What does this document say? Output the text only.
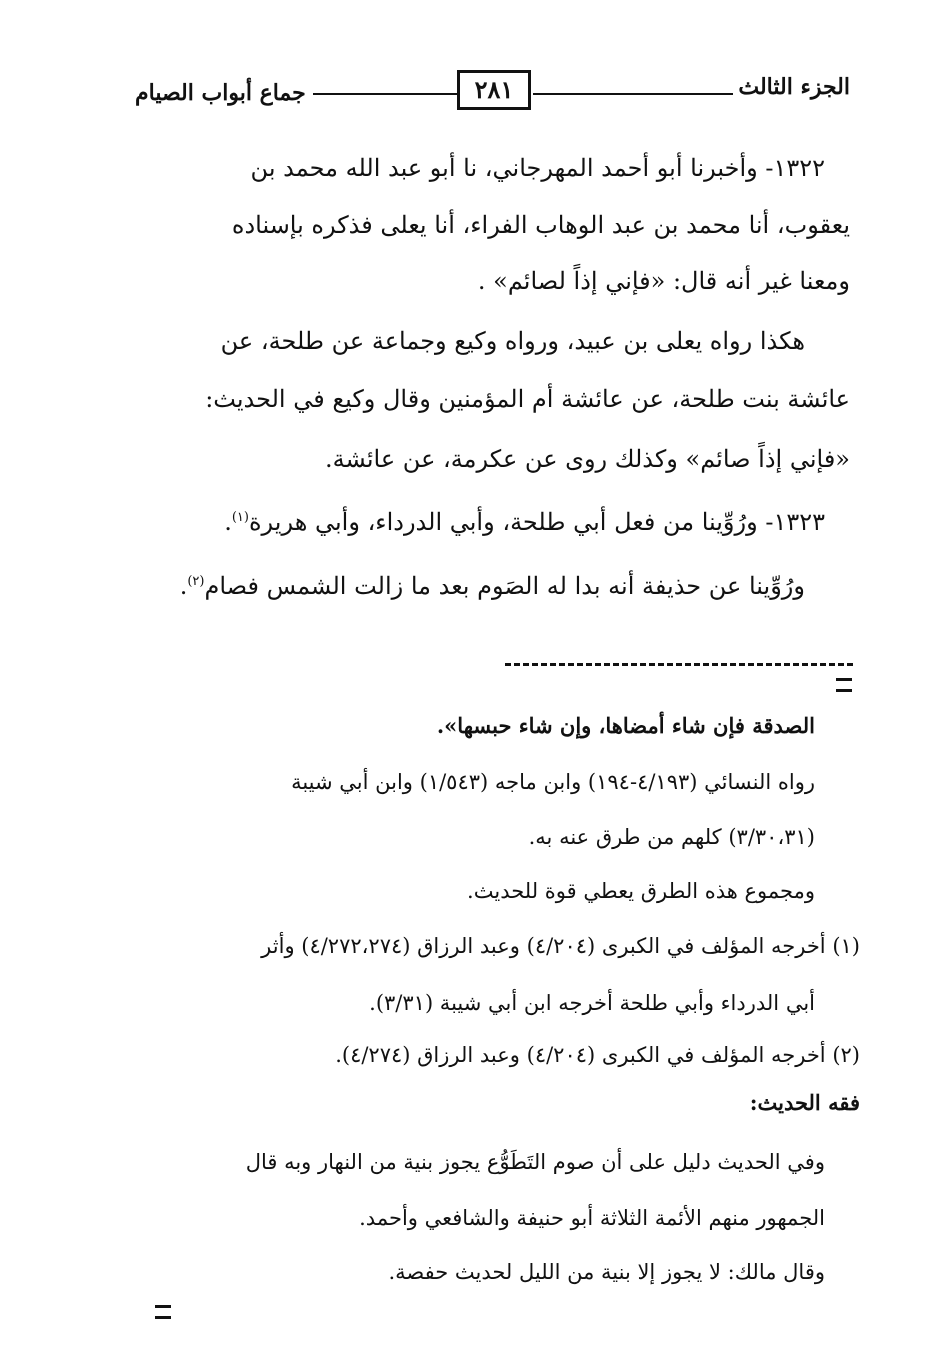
الجزء الثالث
٢٨١
جماع أبواب الصيام
١٣٢٢- وأخبرنا أبو أحمد المهرجاني، نا أبو عبد الله محمد بن
يعقوب، أنا محمد بن عبد الوهاب الفراء، أنا يعلى فذكره بإسناده
ومعنا غير أنه قال: «فإني إذاً لصائم» .
هكذا رواه يعلى بن عبيد، ورواه وكيع وجماعة عن طلحة، عن
عائشة بنت طلحة، عن عائشة أم المؤمنين وقال وكيع في الحديث:
«فإني إذاً صائم» وكذلك روى عن عكرمة، عن عائشة.
١٣٢٣- ورُوِّينا من فعل أبي طلحة، وأبي الدرداء، وأبي هريرة$^{(١)}$.
ورُوِّينا عن حذيفة أنه بدا له الصَوم بعد ما زالت الشمس فصام$^{(٢)}$.
الصدقة فإن شاء أمضاها، وإن شاء حبسها».
رواه النسائي (٤/١٩٣-١٩٤) وابن ماجه (١/٥٤٣) وابن أبي شيبة
(٣/٣٠،٣١) كلهم من طرق عنه به.
ومجموع هذه الطرق يعطي قوة للحديث.
(١) أخرجه المؤلف في الكبرى (٤/٢٠٤) وعبد الرزاق (٤/٢٧٢،٢٧٤) وأثر
أبي الدرداء وأبي طلحة أخرجه ابن أبي شيبة (٣/٣١).
(٢) أخرجه المؤلف في الكبرى (٤/٢٠٤) وعبد الرزاق (٤/٢٧٤).
فقه الحديث:
وفي الحديث دليل على أن صوم التَطَوُّع يجوز بنية من النهار وبه قال
الجمهور منهم الأئمة الثلاثة أبو حنيفة والشافعي وأحمد.
وقال مالك: لا يجوز إلا بنية من الليل لحديث حفصة.
